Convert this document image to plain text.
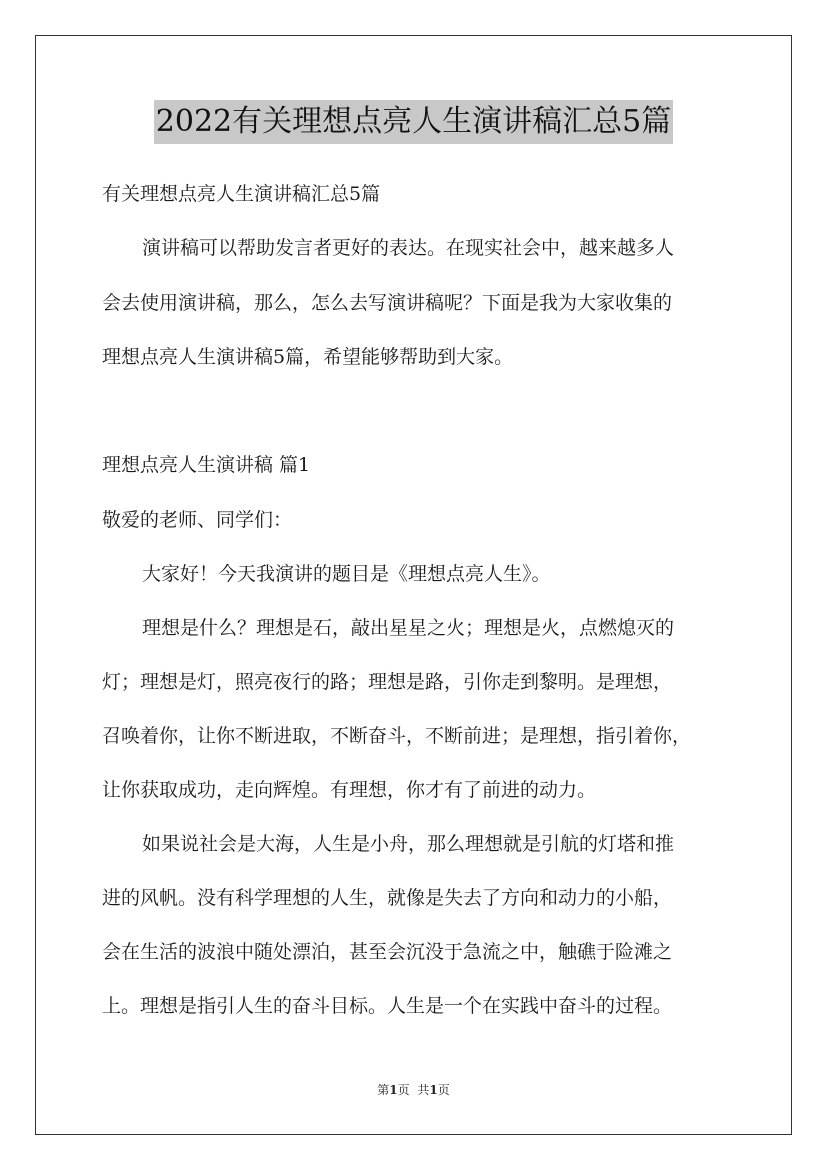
2022有关理想点亮人生演讲稿汇总5篇
有关理想点亮人生演讲稿汇总5篇
演讲稿可以帮助发言者更好的表达。在现实社会中，越来越多人
会去使用演讲稿，那么，怎么去写演讲稿呢？下面是我为大家收集的
理想点亮人生演讲稿5篇，希望能够帮助到大家。
理想点亮人生演讲稿 篇1
敬爱的老师、同学们：
大家好！今天我演讲的题目是《理想点亮人生》。
理想是什么？理想是石，敲出星星之火；理想是火，点燃熄灭的
灯；理想是灯，照亮夜行的路；理想是路，引你走到黎明。是理想，
召唤着你，让你不断进取，不断奋斗，不断前进；是理想，指引着你，
让你获取成功，走向辉煌。有理想，你才有了前进的动力。
如果说社会是大海，人生是小舟，那么理想就是引航的灯塔和推
进的风帆。没有科学理想的人生，就像是失去了方向和动力的小船，
会在生活的波浪中随处漂泊，甚至会沉没于急流之中，触礁于险滩之
上。理想是指引人生的奋斗目标。人生是一个在实践中奋斗的过程。
第1页 共1页
